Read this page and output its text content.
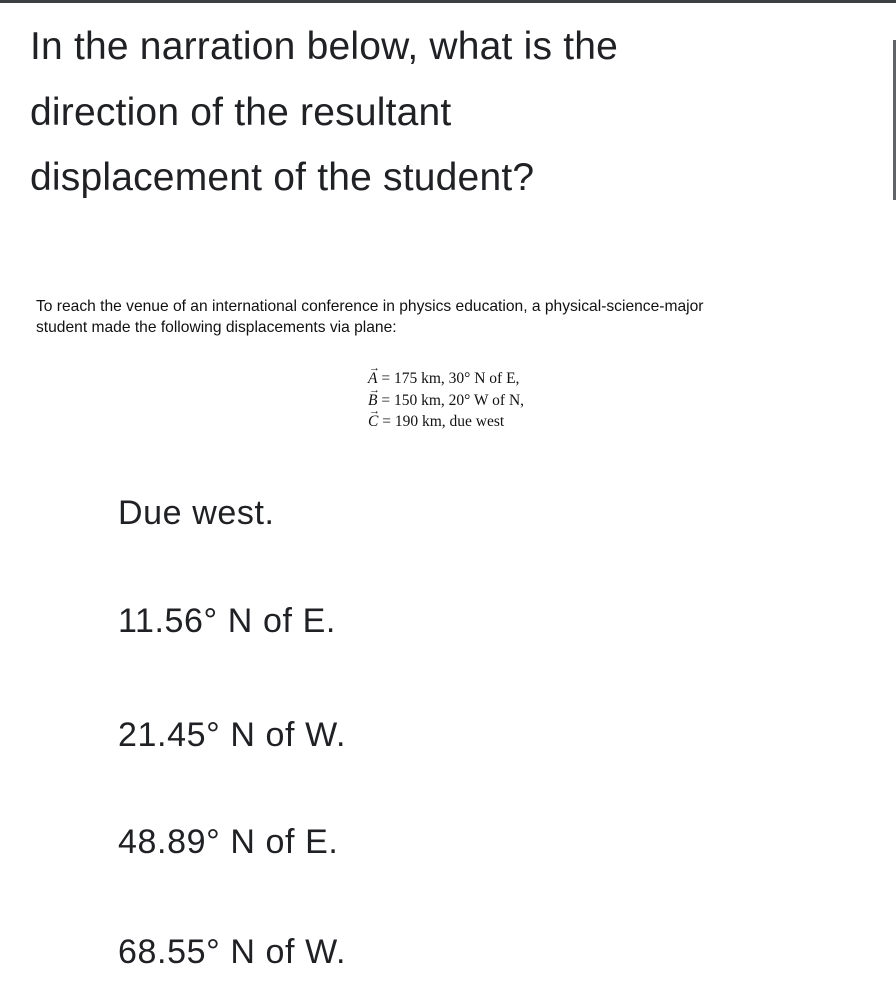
In the narration below, what is the
direction of the resultant
displacement of the student?
To reach the venue of an international conference in physics education, a physical-science-major
student made the following displacements via plane:
→ A = 175 km, 30° N of E,
→ B = 150 km, 20° W of N,
→ C = 190 km, due west
Due west.
11.56° N of E.
21.45° N of W.
48.89° N of E.
68.55° N of W.
